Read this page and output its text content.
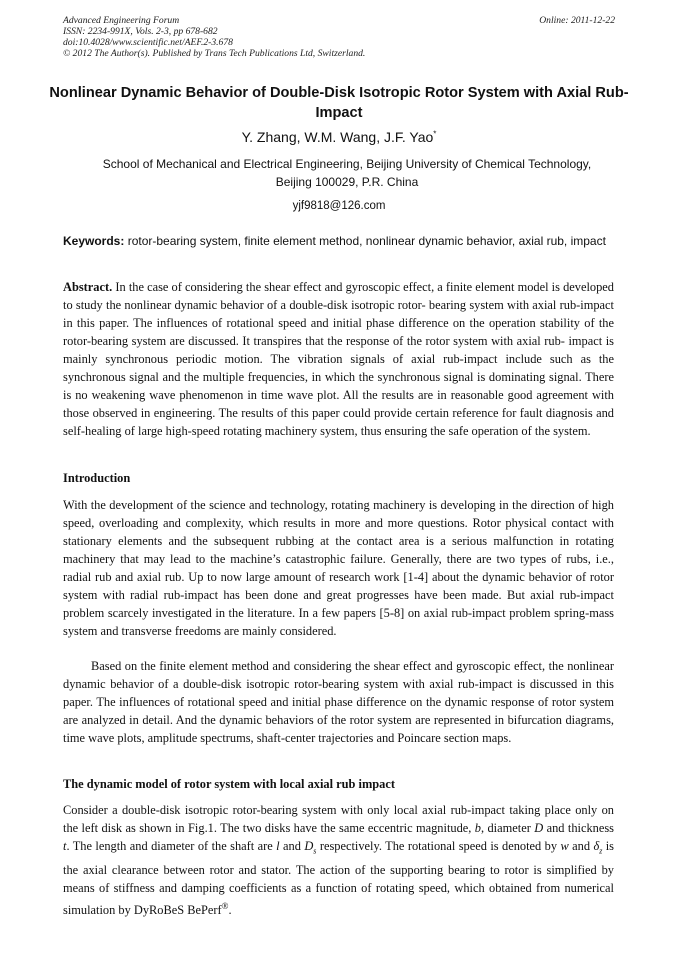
Advanced Engineering Forum
ISSN: 2234-991X, Vols. 2-3, pp 678-682
doi:10.4028/www.scientific.net/AEF.2-3.678
© 2012 The Author(s). Published by Trans Tech Publications Ltd, Switzerland.
Online: 2011-12-22
Nonlinear Dynamic Behavior of Double-Disk Isotropic Rotor System with Axial Rub-Impact
Y. Zhang, W.M. Wang, J.F. Yao*
School of Mechanical and Electrical Engineering, Beijing University of Chemical Technology,
Beijing 100029, P.R. China
yjf9818@126.com
Keywords: rotor-bearing system, finite element method, nonlinear dynamic behavior, axial rub, impact
Abstract. In the case of considering the shear effect and gyroscopic effect, a finite element model is developed to study the nonlinear dynamic behavior of a double-disk isotropic rotor- bearing system with axial rub-impact in this paper. The influences of rotational speed and initial phase difference on the operation stability of the rotor-bearing system are discussed. It transpires that the response of the rotor system with axial rub- impact is mainly synchronous periodic motion. The vibration signals of axial rub-impact include such as the synchronous signal and the multiple frequencies, in which the synchronous signal is dominating signal. There is no weakening wave phenomenon in time wave plot. All the results are in reasonable good agreement with those observed in engineering. The results of this paper could provide certain reference for fault diagnosis and self-healing of large high-speed rotating machinery system, thus ensuring the safe operation of the system.
Introduction
With the development of the science and technology, rotating machinery is developing in the direction of high speed, overloading and complexity, which results in more and more questions. Rotor physical contact with stationary elements and the subsequent rubbing at the contact area is a serious malfunction in rotating machinery that may lead to the machine’s catastrophic failure. Generally, there are two types of rubs, i.e., radial rub and axial rub. Up to now large amount of research work [1-4] about the dynamic behavior of rotor system with radial rub-impact has been done and great progresses have been made. But axial rub-impact problem scarcely investigated in the literature. In a few papers [5-8] on axial rub-impact problem spring-mass system and transverse freedoms are mainly considered.
Based on the finite element method and considering the shear effect and gyroscopic effect, the nonlinear dynamic behavior of a double-disk isotropic rotor-bearing system with axial rub-impact is discussed in this paper. The influences of rotational speed and initial phase difference on the dynamic response of rotor system are analyzed in detail. And the dynamic behaviors of the rotor system are represented in bifurcation diagrams, time wave plots, amplitude spectrums, shaft-center trajectories and Poincare section maps.
The dynamic model of rotor system with local axial rub impact
Consider a double-disk isotropic rotor-bearing system with only local axial rub-impact taking place only on the left disk as shown in Fig.1. The two disks have the same eccentric magnitude, b, diameter D and thickness t. The length and diameter of the shaft are l and $D_s$ respectively. The rotational speed is denoted by w and $\delta_z$ is the axial clearance between rotor and stator. The action of the supporting bearing to rotor is simplified by means of stiffness and damping coefficients as a function of rotating speed, which obtained from numerical simulation by DyRoBeS BePerf®.
